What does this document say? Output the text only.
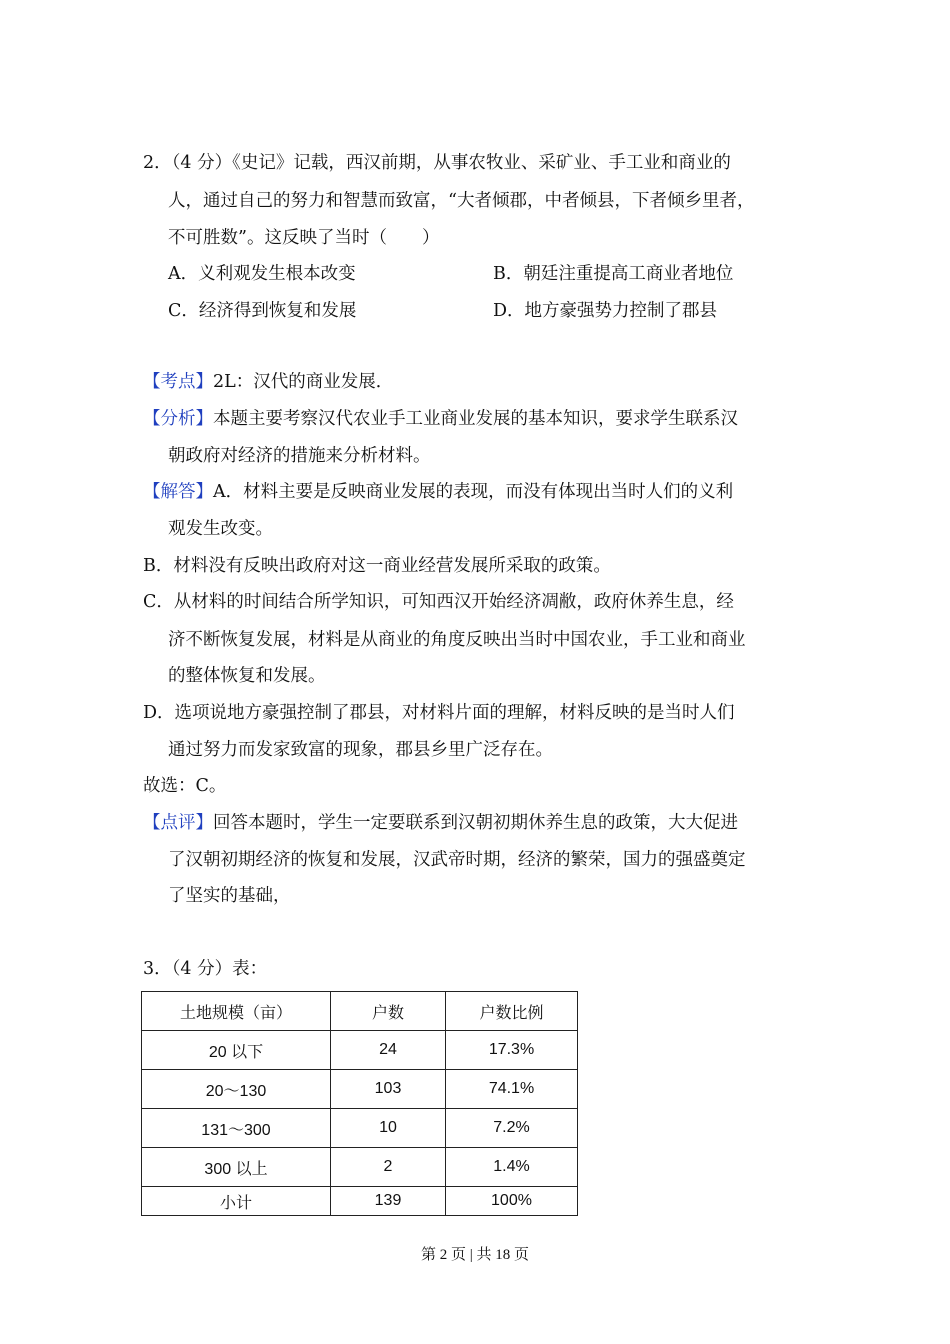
2．（4 分）《史记》记载，西汉前期，从事农牧业、采矿业、手工业和商业的
人，通过自己的努力和智慧而致富，“大者倾郡，中者倾县，下者倾乡里者，
不可胜数”。这反映了当时（　　）
A．义利观发生根本改变	B．朝廷注重提高工商业者地位
C．经济得到恢复和发展	D．地方豪强势力控制了郡县
【考点】2L：汉代的商业发展．
【分析】本题主要考察汉代农业手工业商业发展的基本知识，要求学生联系汉
朝政府对经济的措施来分析材料。
【解答】A．材料主要是反映商业发展的表现，而没有体现出当时人们的义利
观发生改变。
B．材料没有反映出政府对这一商业经营发展所采取的政策。
C．从材料的时间结合所学知识，可知西汉开始经济凋敝，政府休养生息，经
济不断恢复发展，材料是从商业的角度反映出当时中国农业，手工业和商业
的整体恢复和发展。
D．选项说地方豪强控制了郡县，对材料片面的理解，材料反映的是当时人们
通过努力而发家致富的现象，郡县乡里广泛存在。
故选：C。
【点评】回答本题时，学生一定要联系到汉朝初期休养生息的政策，大大促进
了汉朝初期经济的恢复和发展，汉武帝时期，经济的繁荣，国力的强盛奠定
了坚实的基础，
3．（4 分）表：
土地规模（亩）	户数	户数比例
20 以下	24	17.3%
20～130	103	74.1%
131～300	10	7.2%
300 以上	2	1.4%
小计	139	100%
第 2 页 | 共 18 页
